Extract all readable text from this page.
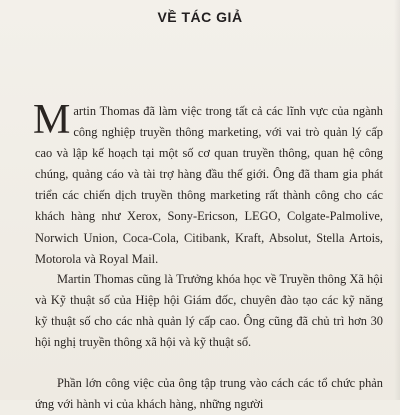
VỀ TÁC GIẢ

Martin Thomas đã làm việc trong tất cả các lĩnh vực của ngành công nghiệp truyền thông marketing, với vai trò quản lý cấp cao và lập kế hoạch tại một số cơ quan truyền thông, quan hệ công chúng, quảng cáo và tài trợ hàng đầu thế giới. Ông đã tham gia phát triển các chiến dịch truyền thông marketing rất thành công cho các khách hàng như Xerox, Sony-Ericson, LEGO, Colgate-Palmolive, Norwich Union, Coca-Cola, Citibank, Kraft, Absolut, Stella Artois, Motorola và Royal Mail.

Martin Thomas cũng là Trưởng khóa học về Truyền thông Xã hội và Kỹ thuật số của Hiệp hội Giám đốc, chuyên đào tạo các kỹ năng kỹ thuật số cho các nhà quản lý cấp cao. Ông cũng đã chủ trì hơn 30 hội nghị truyền thông xã hội và kỹ thuật số.

Phần lớn công việc của ông tập trung vào cách các tổ chức phản ứng với hành vi của khách hàng, những người
